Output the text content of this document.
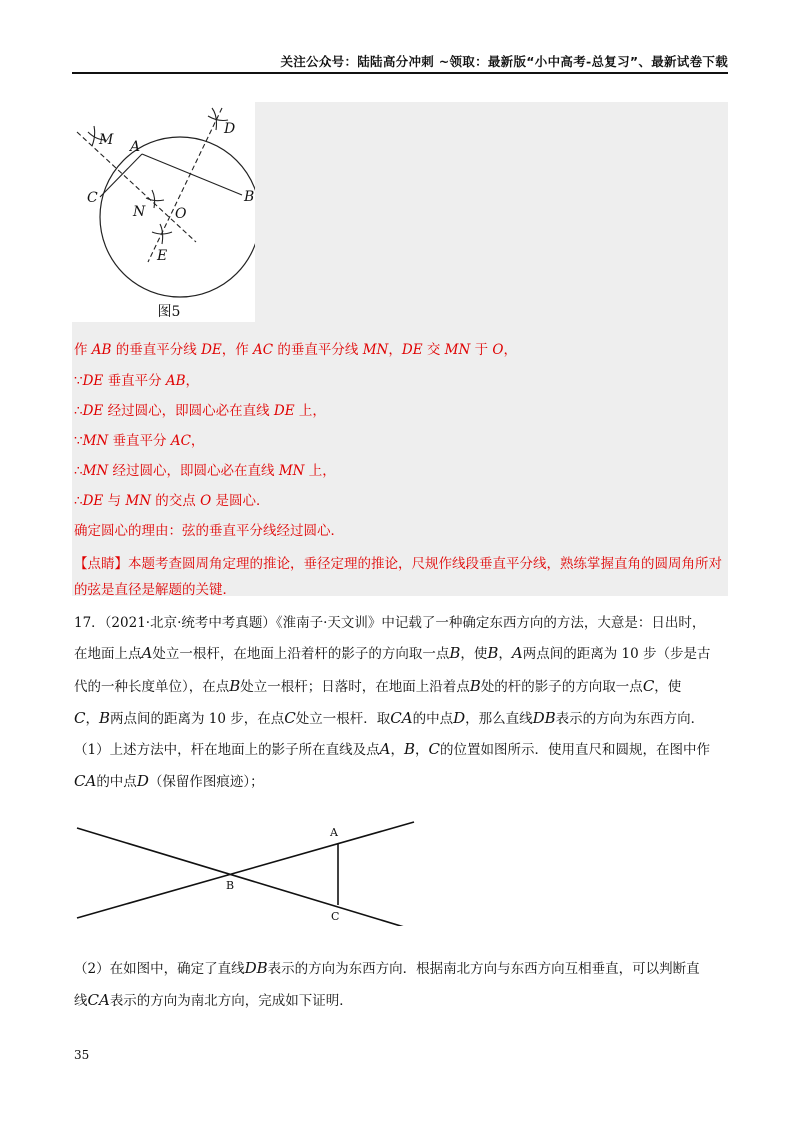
关注公众号：陆陆高分冲刺 ~领取：最新版“小中高考-总复习”、最新试卷下载
M A
D
C	B
N O
E
图5
作 AB 的垂直平分线 DE，作 AC 的垂直平分线 MN，DE 交 MN 于 O，
∵DE 垂直平分 AB，
∴DE 经过圆心，即圆心必在直线 DE 上，
∵MN 垂直平分 AC，
∴MN 经过圆心，即圆心必在直线 MN 上，
∴DE 与 MN 的交点 O 是圆心．
确定圆心的理由：弦的垂直平分线经过圆心．
【点睛】本题考查圆周角定理的推论，垂径定理的推论，尺规作线段垂直平分线，熟练掌握直角的圆周角所对的弦是直径是解题的关键．
17．（2021·北京·统考中考真题）《淮南子·天文训》中记载了一种确定东西方向的方法，大意是：日出时，
在地面上点A处立一根杆，在地面上沿着杆的影子的方向取一点B，使B，A两点间的距离为 10 步（步是古
代的一种长度单位），在点B处立一根杆；日落时，在地面上沿着点B处的杆的影子的方向取一点C，使
C，B两点间的距离为 10 步，在点C处立一根杆．取CA的中点D，那么直线DB表示的方向为东西方向．
（1）上述方法中，杆在地面上的影子所在直线及点A，B，C的位置如图所示．使用直尺和圆规，在图中作
CA的中点D（保留作图痕迹）；
A
B
C
（2）在如图中，确定了直线DB表示的方向为东西方向．根据南北方向与东西方向互相垂直，可以判断直
线CA表示的方向为南北方向，完成如下证明．
35
